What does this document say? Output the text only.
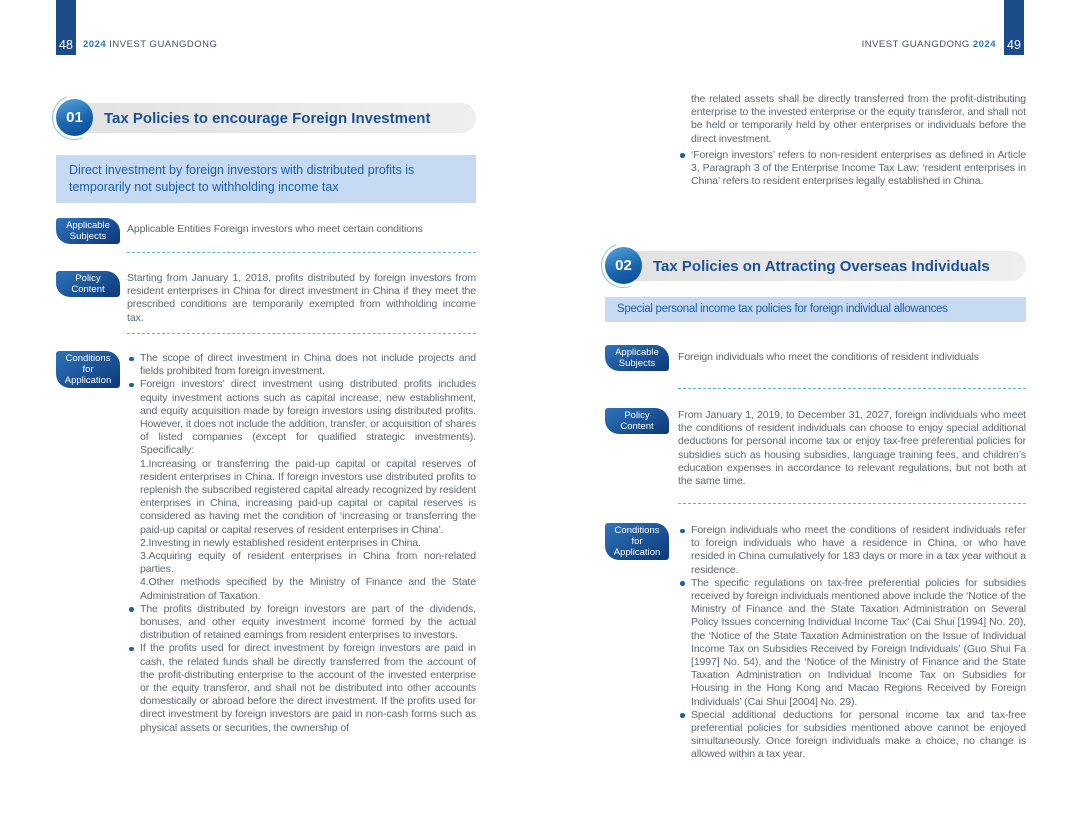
48	49
2024 INVEST GUANGDONG	INVEST GUANGDONG 2024
01	Tax Policies to encourage Foreign Investment
Direct investment by foreign investors with distributed profits is temporarily not subject to withholding income tax
Applicable Subjects
Applicable Entities Foreign investors who meet certain conditions
Policy Content
Starting from January 1, 2018, profits distributed by foreign investors from resident enterprises in China for direct investment in China if they meet the prescribed conditions are temporarily exempted from withholding income tax.
Conditions for Application
The scope of direct investment in China does not include projects and fields prohibited from foreign investment.
Foreign investors’ direct investment using distributed profits includes equity investment actions such as capital increase, new establishment, and equity acquisition made by foreign investors using distributed profits. However, it does not include the addition, transfer, or acquisition of shares of listed companies (except for qualified strategic investments). Specifically:
1.Increasing or transferring the paid-up capital or capital reserves of resident enterprises in China. If foreign investors use distributed profits to replenish the subscribed registered capital already recognized by resident enterprises in China, increasing paid-up capital or capital reserves is considered as having met the condition of ‘increasing or transferring the paid-up capital or capital reserves of resident enterprises in China’.
2.Investing in newly established resident enterprises in China.
3.Acquiring equity of resident enterprises in China from non-related parties.
4.Other methods specified by the Ministry of Finance and the State Administration of Taxation.
The profits distributed by foreign investors are part of the dividends, bonuses, and other equity investment income formed by the actual distribution of retained earnings from resident enterprises to investors.
If the profits used for direct investment by foreign investors are paid in cash, the related funds shall be directly transferred from the account of the profit-distributing enterprise to the account of the invested enterprise or the equity transferor, and shall not be distributed into other accounts domestically or abroad before the direct investment. If the profits used for direct investment by foreign investors are paid in non-cash forms such as physical assets or securities, the ownership of
the related assets shall be directly transferred from the profit-distributing enterprise to the invested enterprise or the equity transferor, and shall not be held or temporarily held by other enterprises or individuals before the direct investment.
‘Foreign investors’ refers to non-resident enterprises as defined in Article 3, Paragraph 3 of the Enterprise Income Tax Law; ‘resident enterprises in China’ refers to resident enterprises legally established in China.
02	Tax Policies on Attracting Overseas Individuals
Special personal income tax policies for foreign individual allowances
Applicable Subjects
Foreign individuals who meet the conditions of resident individuals
Policy Content
From January 1, 2019, to December 31, 2027, foreign individuals who meet the conditions of resident individuals can choose to enjoy special additional deductions for personal income tax or enjoy tax-free preferential policies for subsidies such as housing subsidies, language training fees, and children’s education expenses in accordance to relevant regulations, but not both at the same time.
Conditions for Application
Foreign individuals who meet the conditions of resident individuals refer to foreign individuals who have a residence in China, or who have resided in China cumulatively for 183 days or more in a tax year without a residence.
The specific regulations on tax-free preferential policies for subsidies received by foreign individuals mentioned above include the ‘Notice of the Ministry of Finance and the State Taxation Administration on Several Policy Issues concerning Individual Income Tax’ (Cai Shui [1994] No. 20), the ‘Notice of the State Taxation Administration on the Issue of Individual Income Tax on Subsidies Received by Foreign Individuals’ (Guo Shui Fa [1997] No. 54), and the ‘Notice of the Ministry of Finance and the State Taxation Administration on Individual Income Tax on Subsidies for Housing in the Hong Kong and Macao Regions Received by Foreign Individuals’ (Cai Shui [2004] No. 29).
Special additional deductions for personal income tax and tax-free preferential policies for subsidies mentioned above cannot be enjoyed simultaneously. Once foreign individuals make a choice, no change is allowed within a tax year.
